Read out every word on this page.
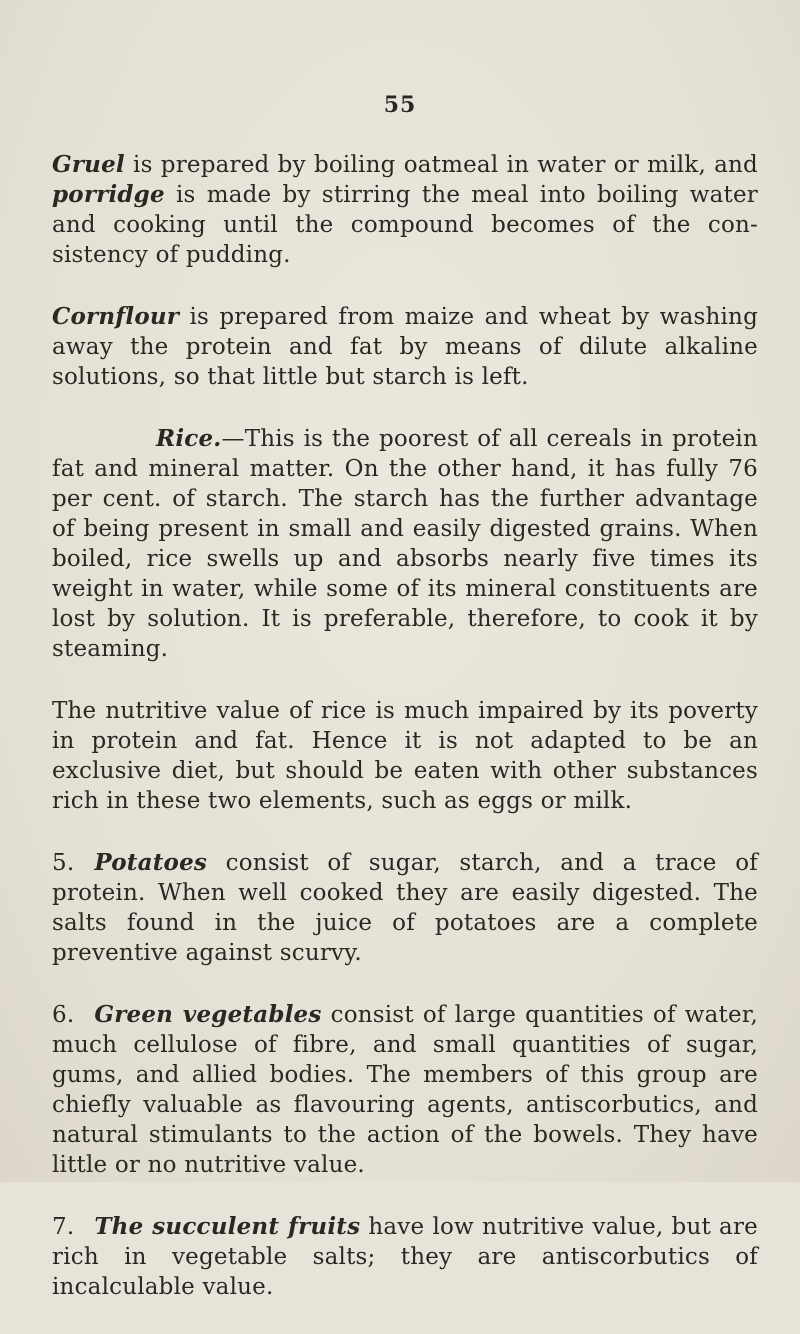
55

Gruel is prepared by boiling oatmeal in water or milk, and porridge is made by stirring the meal into boiling water and cooking until the compound becomes of the con- sistency of pudding.

Cornflour is prepared from maize and wheat by washing away the protein and fat by means of dilute alkaline solutions, so that little but starch is left.

Rice.—This is the poorest of all cereals in protein fat and mineral matter. On the other hand, it has fully 76 per cent. of starch. The starch has the further advantage of being present in small and easily digested grains. When boiled, rice swells up and absorbs nearly five times its weight in water, while some of its mineral constituents are lost by solution. It is preferable, therefore, to cook it by steaming.

The nutritive value of rice is much impaired by its poverty in protein and fat. Hence it is not adapted to be an exclusive diet, but should be eaten with other substances rich in these two elements, such as eggs or milk.

5. Potatoes consist of sugar, starch, and a trace of protein. When well cooked they are easily digested. The salts found in the juice of potatoes are a complete preventive against scurvy.

6. Green vegetables consist of large quantities of water, much cellulose of fibre, and small quantities of sugar, gums, and allied bodies. The members of this group are chiefly valuable as flavouring agents, antiscorbutics, and natural stimulants to the action of the bowels. They have little or no nutritive value.

7. The succulent fruits have low nutritive value, but are rich in vegetable salts; they are antiscorbutics of incalculable value.
